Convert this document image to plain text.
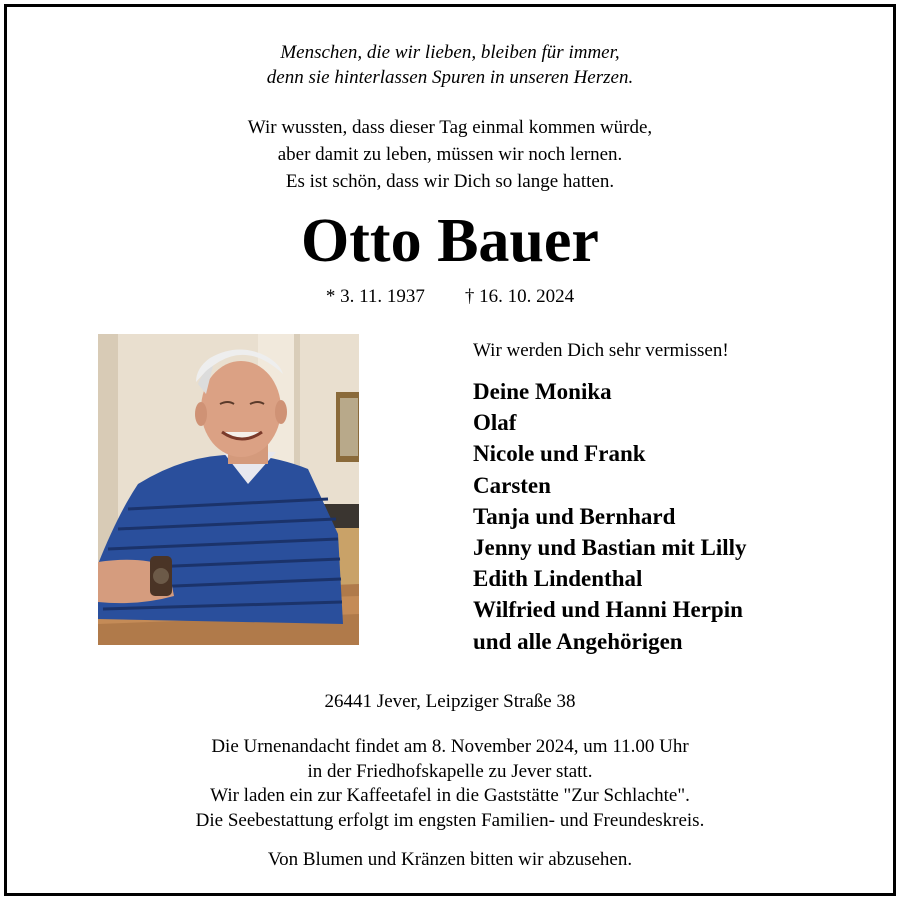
Menschen, die wir lieben, bleiben für immer,
denn sie hinterlassen Spuren in unseren Herzen.
Wir wussten, dass dieser Tag einmal kommen würde,
aber damit zu leben, müssen wir noch lernen.
Es ist schön, dass wir Dich so lange hatten.
Otto Bauer
* 3. 11. 1937 † 16. 10. 2024
Wir werden Dich sehr vermissen!
Deine Monika
Olaf
Nicole und Frank
Carsten
Tanja und Bernhard
Jenny und Bastian mit Lilly
Edith Lindenthal
Wilfried und Hanni Herpin
und alle Angehörigen
26441 Jever, Leipziger Straße 38
Die Urnenandacht findet am 8. November 2024, um 11.00 Uhr
in der Friedhofskapelle zu Jever statt.
Wir laden ein zur Kaffeetafel in die Gaststätte "Zur Schlachte".
Die Seebestattung erfolgt im engsten Familien- und Freundeskreis.
Von Blumen und Kränzen bitten wir abzusehen.
